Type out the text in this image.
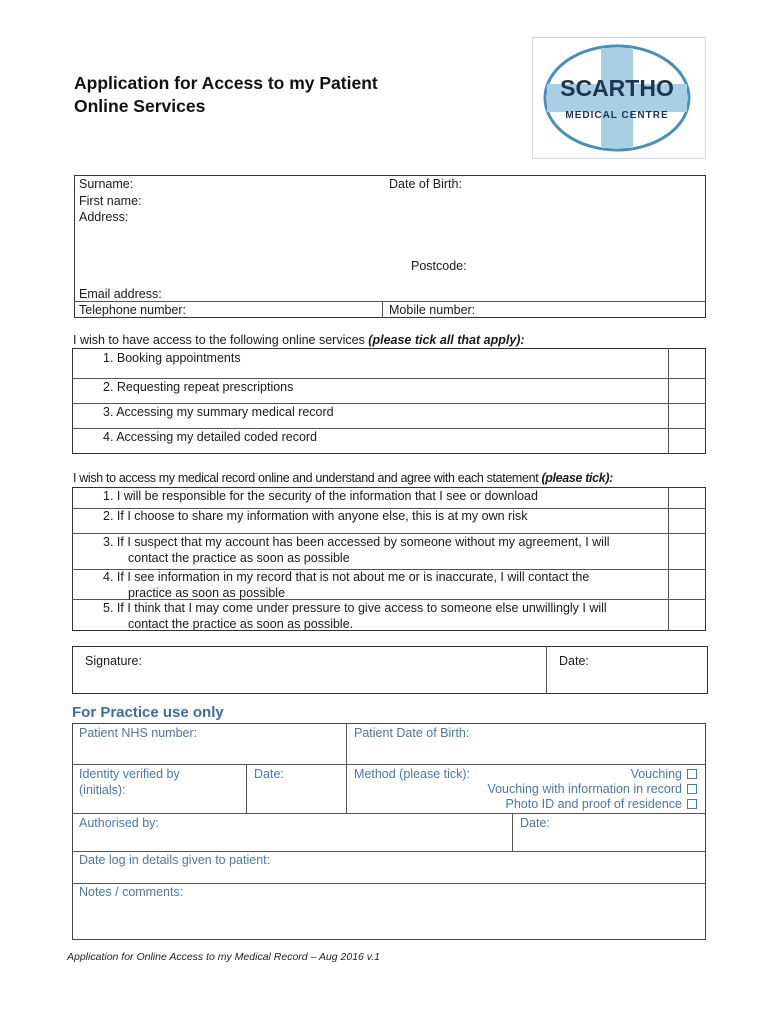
Application for Access to my Patient
Online Services
SCARTHO
MEDICAL CENTRE
Surname:	Date of Birth:
First name:
Address:
Postcode:
Email address:
Telephone number:	Mobile number:
I wish to have access to the following online services (please tick all that apply):
1. Booking appointments
2. Requesting repeat prescriptions
3. Accessing my summary medical record
4. Accessing my detailed coded record
I wish to access my medical record online and understand and agree with each statement (please tick):
1. I will be responsible for the security of the information that I see or download
2. If I choose to share my information with anyone else, this is at my own risk
3. If I suspect that my account has been accessed by someone without my agreement, I will
contact the practice as soon as possible
4. If I see information in my record that is not about me or is inaccurate, I will contact the
practice as soon as possible
5. If I think that I may come under pressure to give access to someone else unwillingly I will
contact the practice as soon as possible.
Signature:	Date:
For Practice use only
Patient NHS number:	Patient Date of Birth:
Identity verified by
(initials):
Date:	Method (please tick):	Vouching
Vouching with information in record
Photo ID and proof of residence
Authorised by:	Date:
Date log in details given to patient:
Notes / comments:
Application for Online Access to my Medical Record – Aug 2016 v.1
